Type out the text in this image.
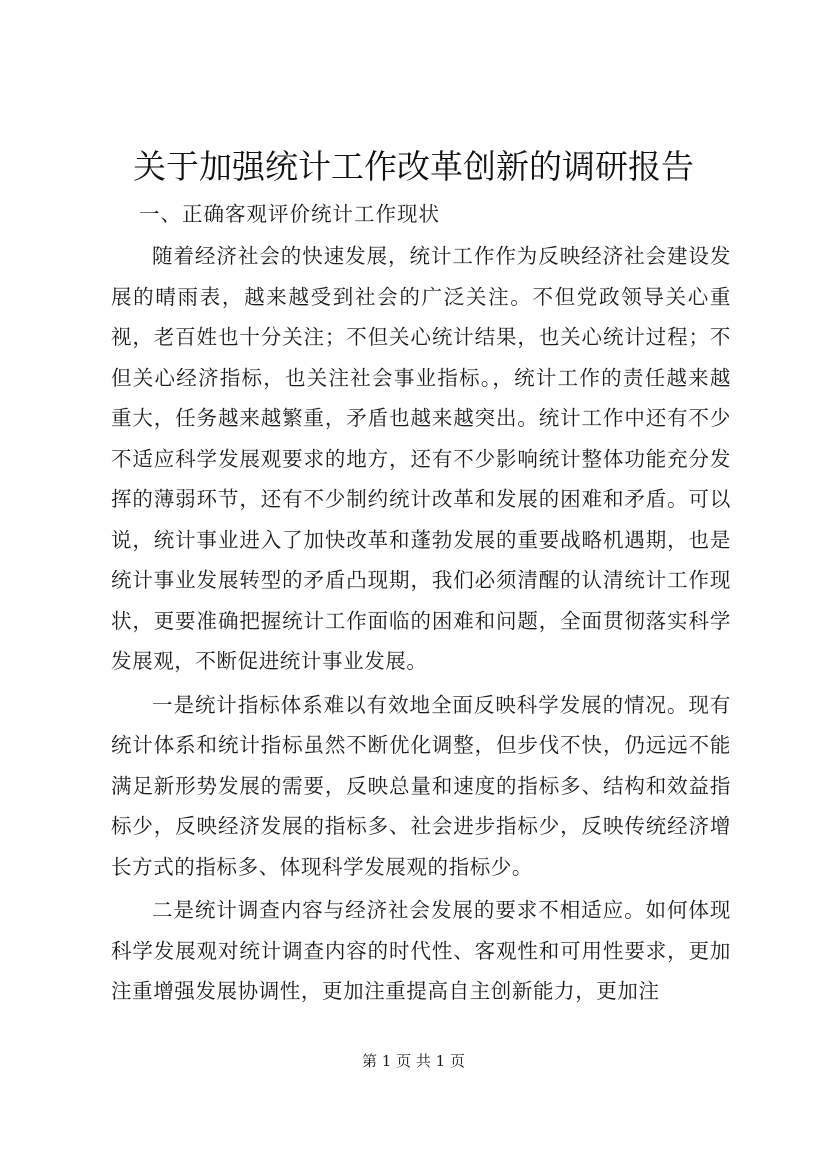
关于加强统计工作改革创新的调研报告
一、正确客观评价统计工作现状

随着经济社会的快速发展，统计工作作为反映经济社会建设发展的晴雨表，越来越受到社会的广泛关注。不但党政领导关心重视，老百姓也十分关注；不但关心统计结果，也关心统计过程；不但关心经济指标，也关注社会事业指标。，统计工作的责任越来越重大，任务越来越繁重，矛盾也越来越突出。统计工作中还有不少不适应科学发展观要求的地方，还有不少影响统计整体功能充分发挥的薄弱环节，还有不少制约统计改革和发展的困难和矛盾。可以说，统计事业进入了加快改革和蓬勃发展的重要战略机遇期，也是统计事业发展转型的矛盾凸现期，我们必须清醒的认清统计工作现状，更要准确把握统计工作面临的困难和问题，全面贯彻落实科学发展观，不断促进统计事业发展。

一是统计指标体系难以有效地全面反映科学发展的情况。现有统计体系和统计指标虽然不断优化调整，但步伐不快，仍远远不能满足新形势发展的需要，反映总量和速度的指标多、结构和效益指标少，反映经济发展的指标多、社会进步指标少，反映传统经济增长方式的指标多、体现科学发展观的指标少。

二是统计调查内容与经济社会发展的要求不相适应。如何体现科学发展观对统计调查内容的时代性、客观性和可用性要求，更加注重增强发展协调性，更加注重提高自主创新能力，更加注

第 1 页 共 1 页
